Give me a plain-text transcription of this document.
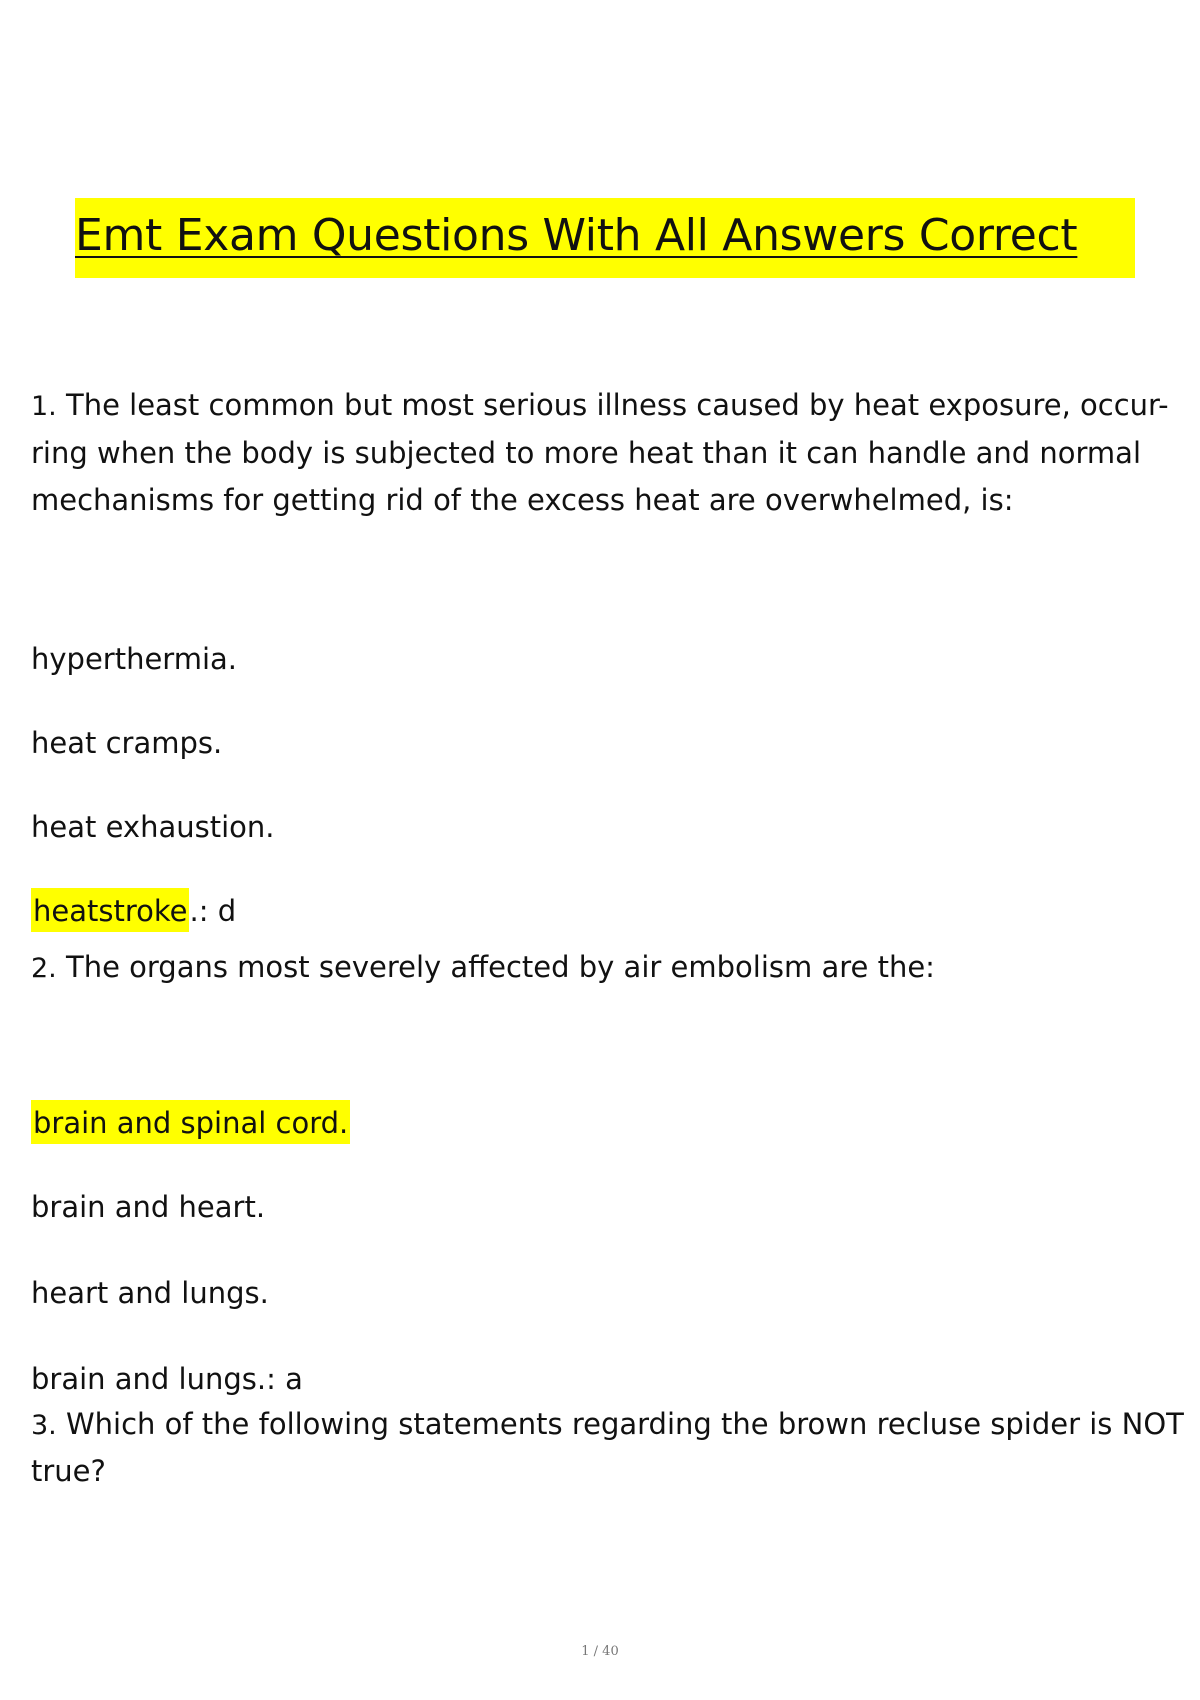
Emt Exam Questions With All Answers Correct
1. The least common but most serious illness caused by heat exposure, occur-
ring when the body is subjected to more heat than it can handle and normal
mechanisms for getting rid of the excess heat are overwhelmed, is:
hyperthermia.
heat cramps.
heat exhaustion.
heatstroke.: d
2. The organs most severely affected by air embolism are the:
brain and spinal cord.
brain and heart.
heart and lungs.
brain and lungs.: a
3. Which of the following statements regarding the brown recluse spider is NOT
true?
1 / 40
